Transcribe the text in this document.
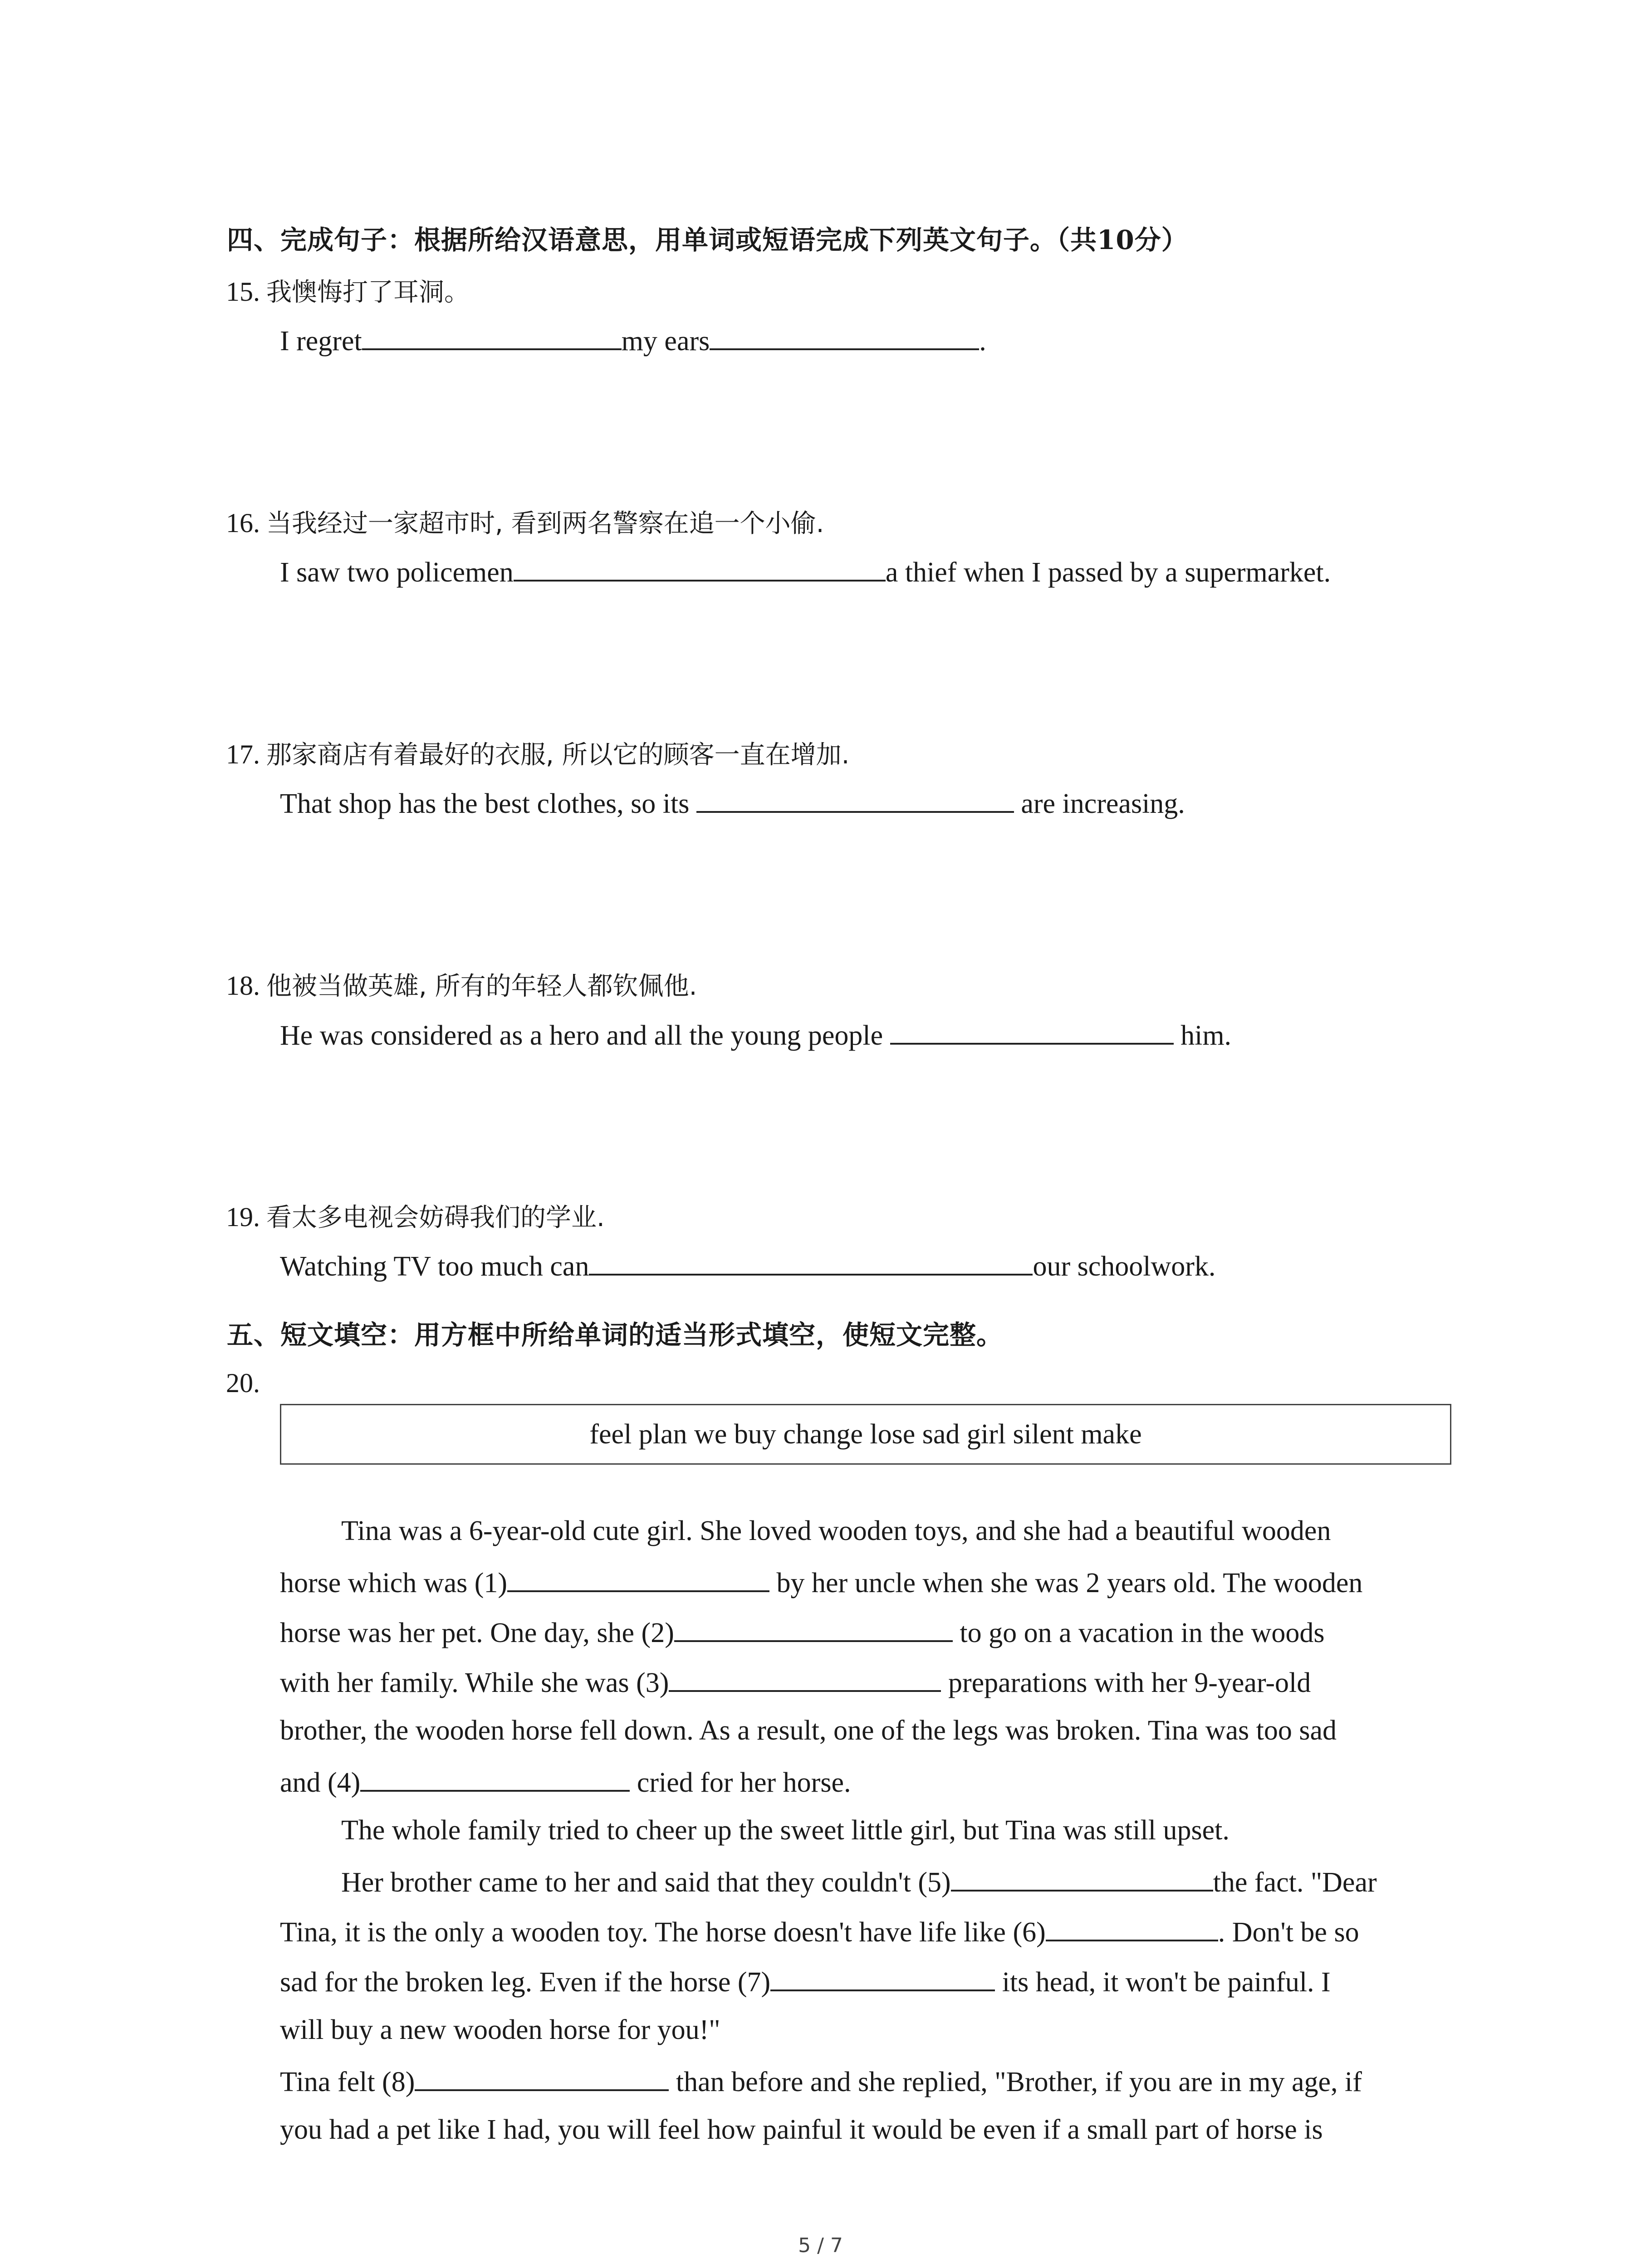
四、完成句子：根据所给汉语意思，用单词或短语完成下列英文句子。（共10分）
15. 我懊悔打了耳洞。
I regret	my ears	.
16. 当我经过一家超市时, 看到两名警察在追一个小偷.
I saw two policemen	a thief when I passed by a supermarket.
17. 那家商店有着最好的衣服, 所以它的顾客一直在增加.
That shop has the best clothes, so its	are increasing.
18. 他被当做英雄, 所有的年轻人都钦佩他.
He was considered as a hero and all the young people	him.
19. 看太多电视会妨碍我们的学业.
Watching TV too much can	our schoolwork.
五、短文填空：用方框中所给单词的适当形式填空，使短文完整。
20.
feel plan we buy change lose sad girl silent make
Tina was a 6-year-old cute girl. She loved wooden toys, and she had a beautiful wooden
horse which was (1)	by her uncle when she was 2 years old. The wooden
horse was her pet. One day, she (2)	to go on a vacation in the woods
with her family. While she was (3)	preparations with her 9-year-old
brother, the wooden horse fell down. As a result, one of the legs was broken. Tina was too sad
and (4)	cried for her horse.
The whole family tried to cheer up the sweet little girl, but Tina was still upset.
Her brother came to her and said that they couldn't (5)	the fact. "Dear
Tina, it is the only a wooden toy. The horse doesn't have life like (6)	. Don't be so
sad for the broken leg. Even if the horse (7)	its head, it won't be painful. I
will buy a new wooden horse for you!"
Tina felt (8)	than before and she replied, "Brother, if you are in my age, if
you had a pet like I had, you will feel how painful it would be even if a small part of horse is
5 / 7
